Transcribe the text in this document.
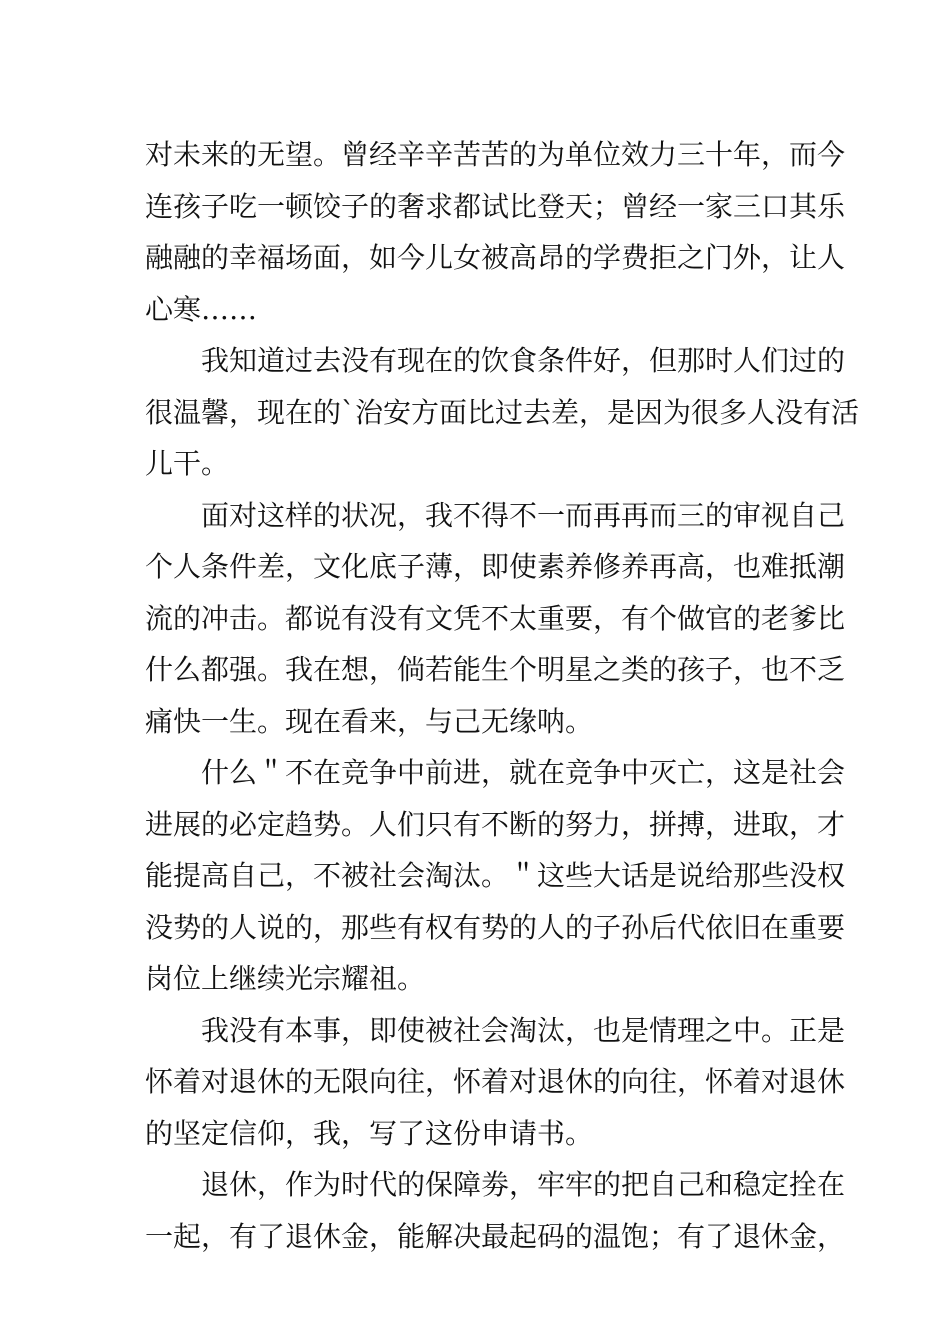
对未来的无望。曾经辛辛苦苦的为单位效力三十年，而今
连孩子吃一顿饺子的奢求都试比登天；曾经一家三口其乐
融融的幸福场面，如今儿女被高昂的学费拒之门外，让人
心寒……
我知道过去没有现在的饮食条件好，但那时人们过的
很温馨，现在的`治安方面比过去差，是因为很多人没有活
儿干。
面对这样的状况，我不得不一而再再而三的审视自己
个人条件差，文化底子薄，即使素养修养再高，也难抵潮
流的冲击。都说有没有文凭不太重要，有个做官的老爹比
什么都强。我在想，倘若能生个明星之类的孩子，也不乏
痛快一生。现在看来，与己无缘呐。
什么＂不在竞争中前进，就在竞争中灭亡，这是社会
进展的必定趋势。人们只有不断的努力，拼搏，进取，才
能提高自己，不被社会淘汰。＂这些大话是说给那些没权
没势的人说的，那些有权有势的人的子孙后代依旧在重要
岗位上继续光宗耀祖。
我没有本事，即使被社会淘汰，也是情理之中。正是
怀着对退休的无限向往，怀着对退休的向往，怀着对退休
的坚定信仰，我，写了这份申请书。
退休，作为时代的保障劵，牢牢的把自己和稳定拴在
一起，有了退休金，能解决最起码的温饱；有了退休金，
